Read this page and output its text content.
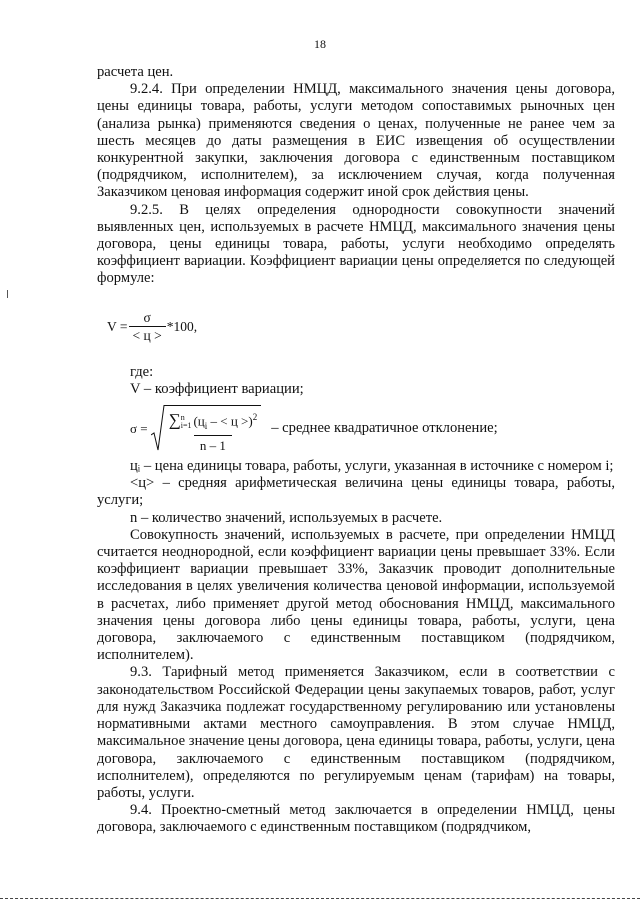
18

расчета цен.

9.2.4. При определении НМЦД, максимального значения цены договора, цены единицы товара, работы, услуги методом сопоставимых рыночных цен (анализа рынка) применяются сведения о ценах, полученные не ранее чем за шесть месяцев до даты размещения в ЕИС извещения об осуществлении конкурентной закупки, заключения договора с единственным поставщиком (подрядчиком, исполнителем), за исключением случая, когда полученная Заказчиком ценовая информация содержит иной срок действия цены.

9.2.5. В целях определения однородности совокупности значений выявленных цен, используемых в расчете НМЦД, максимального значения цены договора, цены единицы товара, работы, услуги необходимо определять коэффициент вариации. Коэффициент вариации цены определяется по следующей формуле:

$V = \frac{\sigma}{< ц >} *100$,

где:

V – коэффициент вариации;

σ = ∑ n
i=1 ($ц_i$ – < ц >)$^2$
n – 1 – среднее квадратичное отклонение;

цᵢ – цена единицы товара, работы, услуги, указанная в источнике с номером i;

<ц> – средняя арифметическая величина цены единицы товара, работы, услуги;

n – количество значений, используемых в расчете.

Совокупность значений, используемых в расчете, при определении НМЦД считается неоднородной, если коэффициент вариации цены превышает 33%. Если коэффициент вариации превышает 33%, Заказчик проводит дополнительные исследования в целях увеличения количества ценовой информации, используемой в расчетах, либо применяет другой метод обоснования НМЦД, максимального значения цены договора либо цены единицы товара, работы, услуги, цена договора, заключаемого с единственным поставщиком (подрядчиком, исполнителем).

9.3. Тарифный метод применяется Заказчиком, если в соответствии с законодательством Российской Федерации цены закупаемых товаров, работ, услуг для нужд Заказчика подлежат государственному регулированию или установлены нормативными актами местного самоуправления. В этом случае НМЦД, максимальное значение цены договора, цена единицы товара, работы, услуги, цена договора, заключаемого с единственным поставщиком (подрядчиком, исполнителем), определяются по регулируемым ценам (тарифам) на товары, работы, услуги.

9.4. Проектно-сметный метод заключается в определении НМЦД, цены договора, заключаемого с единственным поставщиком (подрядчиком,
